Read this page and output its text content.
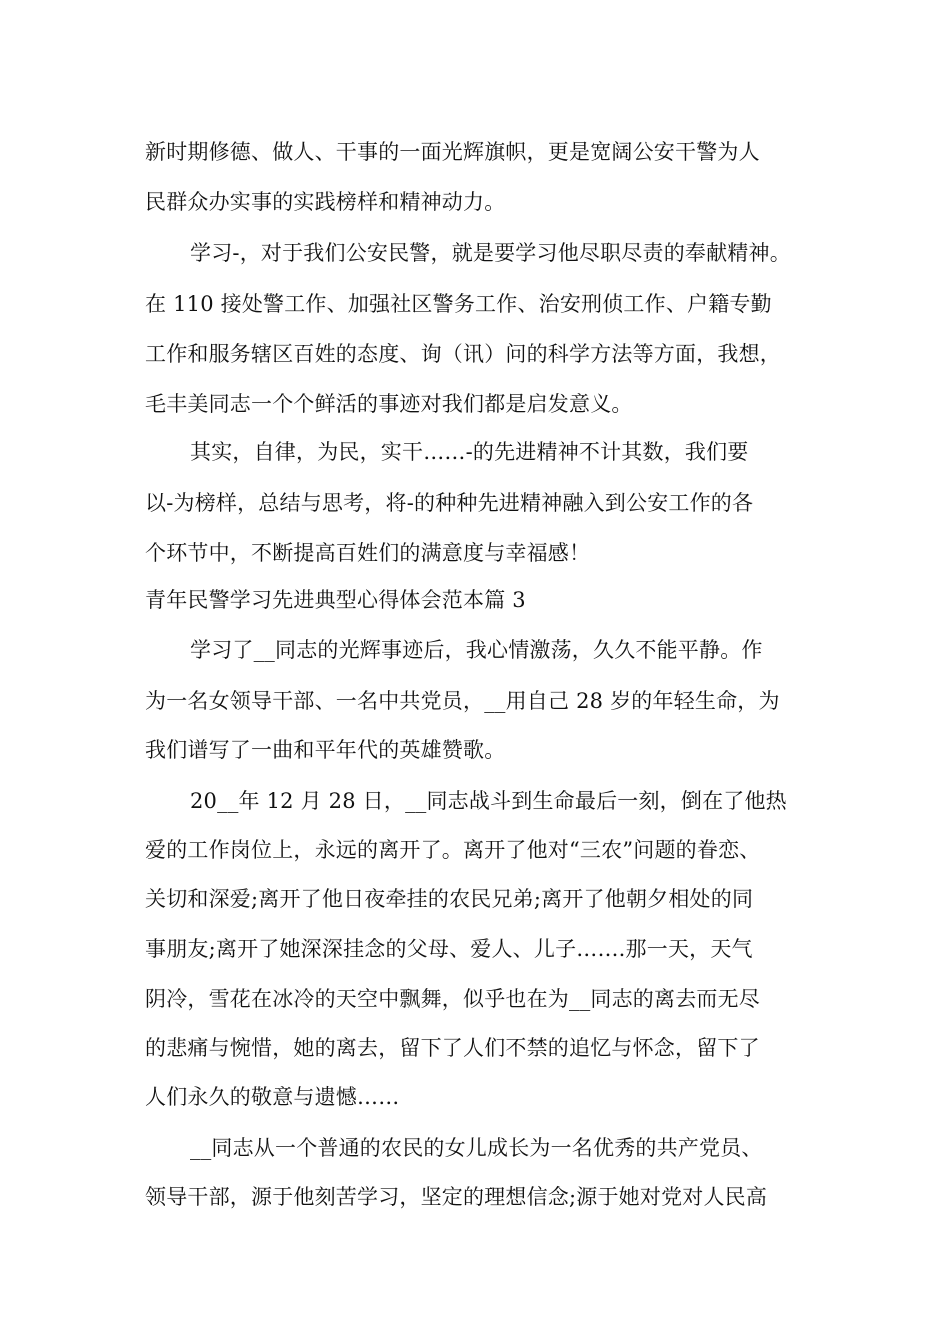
新时期修德、做人、干事的一面光辉旗帜，更是宽阔公安干警为人

民群众办实事的实践榜样和精神动力。

学习-，对于我们公安民警，就是要学习他尽职尽责的奉献精神。

在 110 接处警工作、加强社区警务工作、治安刑侦工作、户籍专勤

工作和服务辖区百姓的态度、询（讯）问的科学方法等方面，我想，

毛丰美同志一个个鲜活的事迹对我们都是启发意义。

其实，自律，为民，实干……-的先进精神不计其数，我们要

以-为榜样，总结与思考，将-的种种先进精神融入到公安工作的各

个环节中，不断提高百姓们的满意度与幸福感！

青年民警学习先进典型心得体会范本篇 3

学习了__同志的光辉事迹后，我心情激荡，久久不能平静。作

为一名女领导干部、一名中共党员，__用自己 28 岁的年轻生命，为

我们谱写了一曲和平年代的英雄赞歌。

20__年 12 月 28 日，__同志战斗到生命最后一刻，倒在了他热

爱的工作岗位上，永远的离开了。离开了他对“三农”问题的眷恋、

关切和深爱;离开了他日夜牵挂的农民兄弟;离开了他朝夕相处的同

事朋友;离开了她深深挂念的父母、爱人、儿子…….那一天，天气

阴冷，雪花在冰冷的天空中飘舞，似乎也在为__同志的离去而无尽

的悲痛与惋惜，她的离去，留下了人们不禁的追忆与怀念，留下了

人们永久的敬意与遗憾……

__同志从一个普通的农民的女儿成长为一名优秀的共产党员、

领导干部，源于他刻苦学习，坚定的理想信念;源于她对党对人民高
